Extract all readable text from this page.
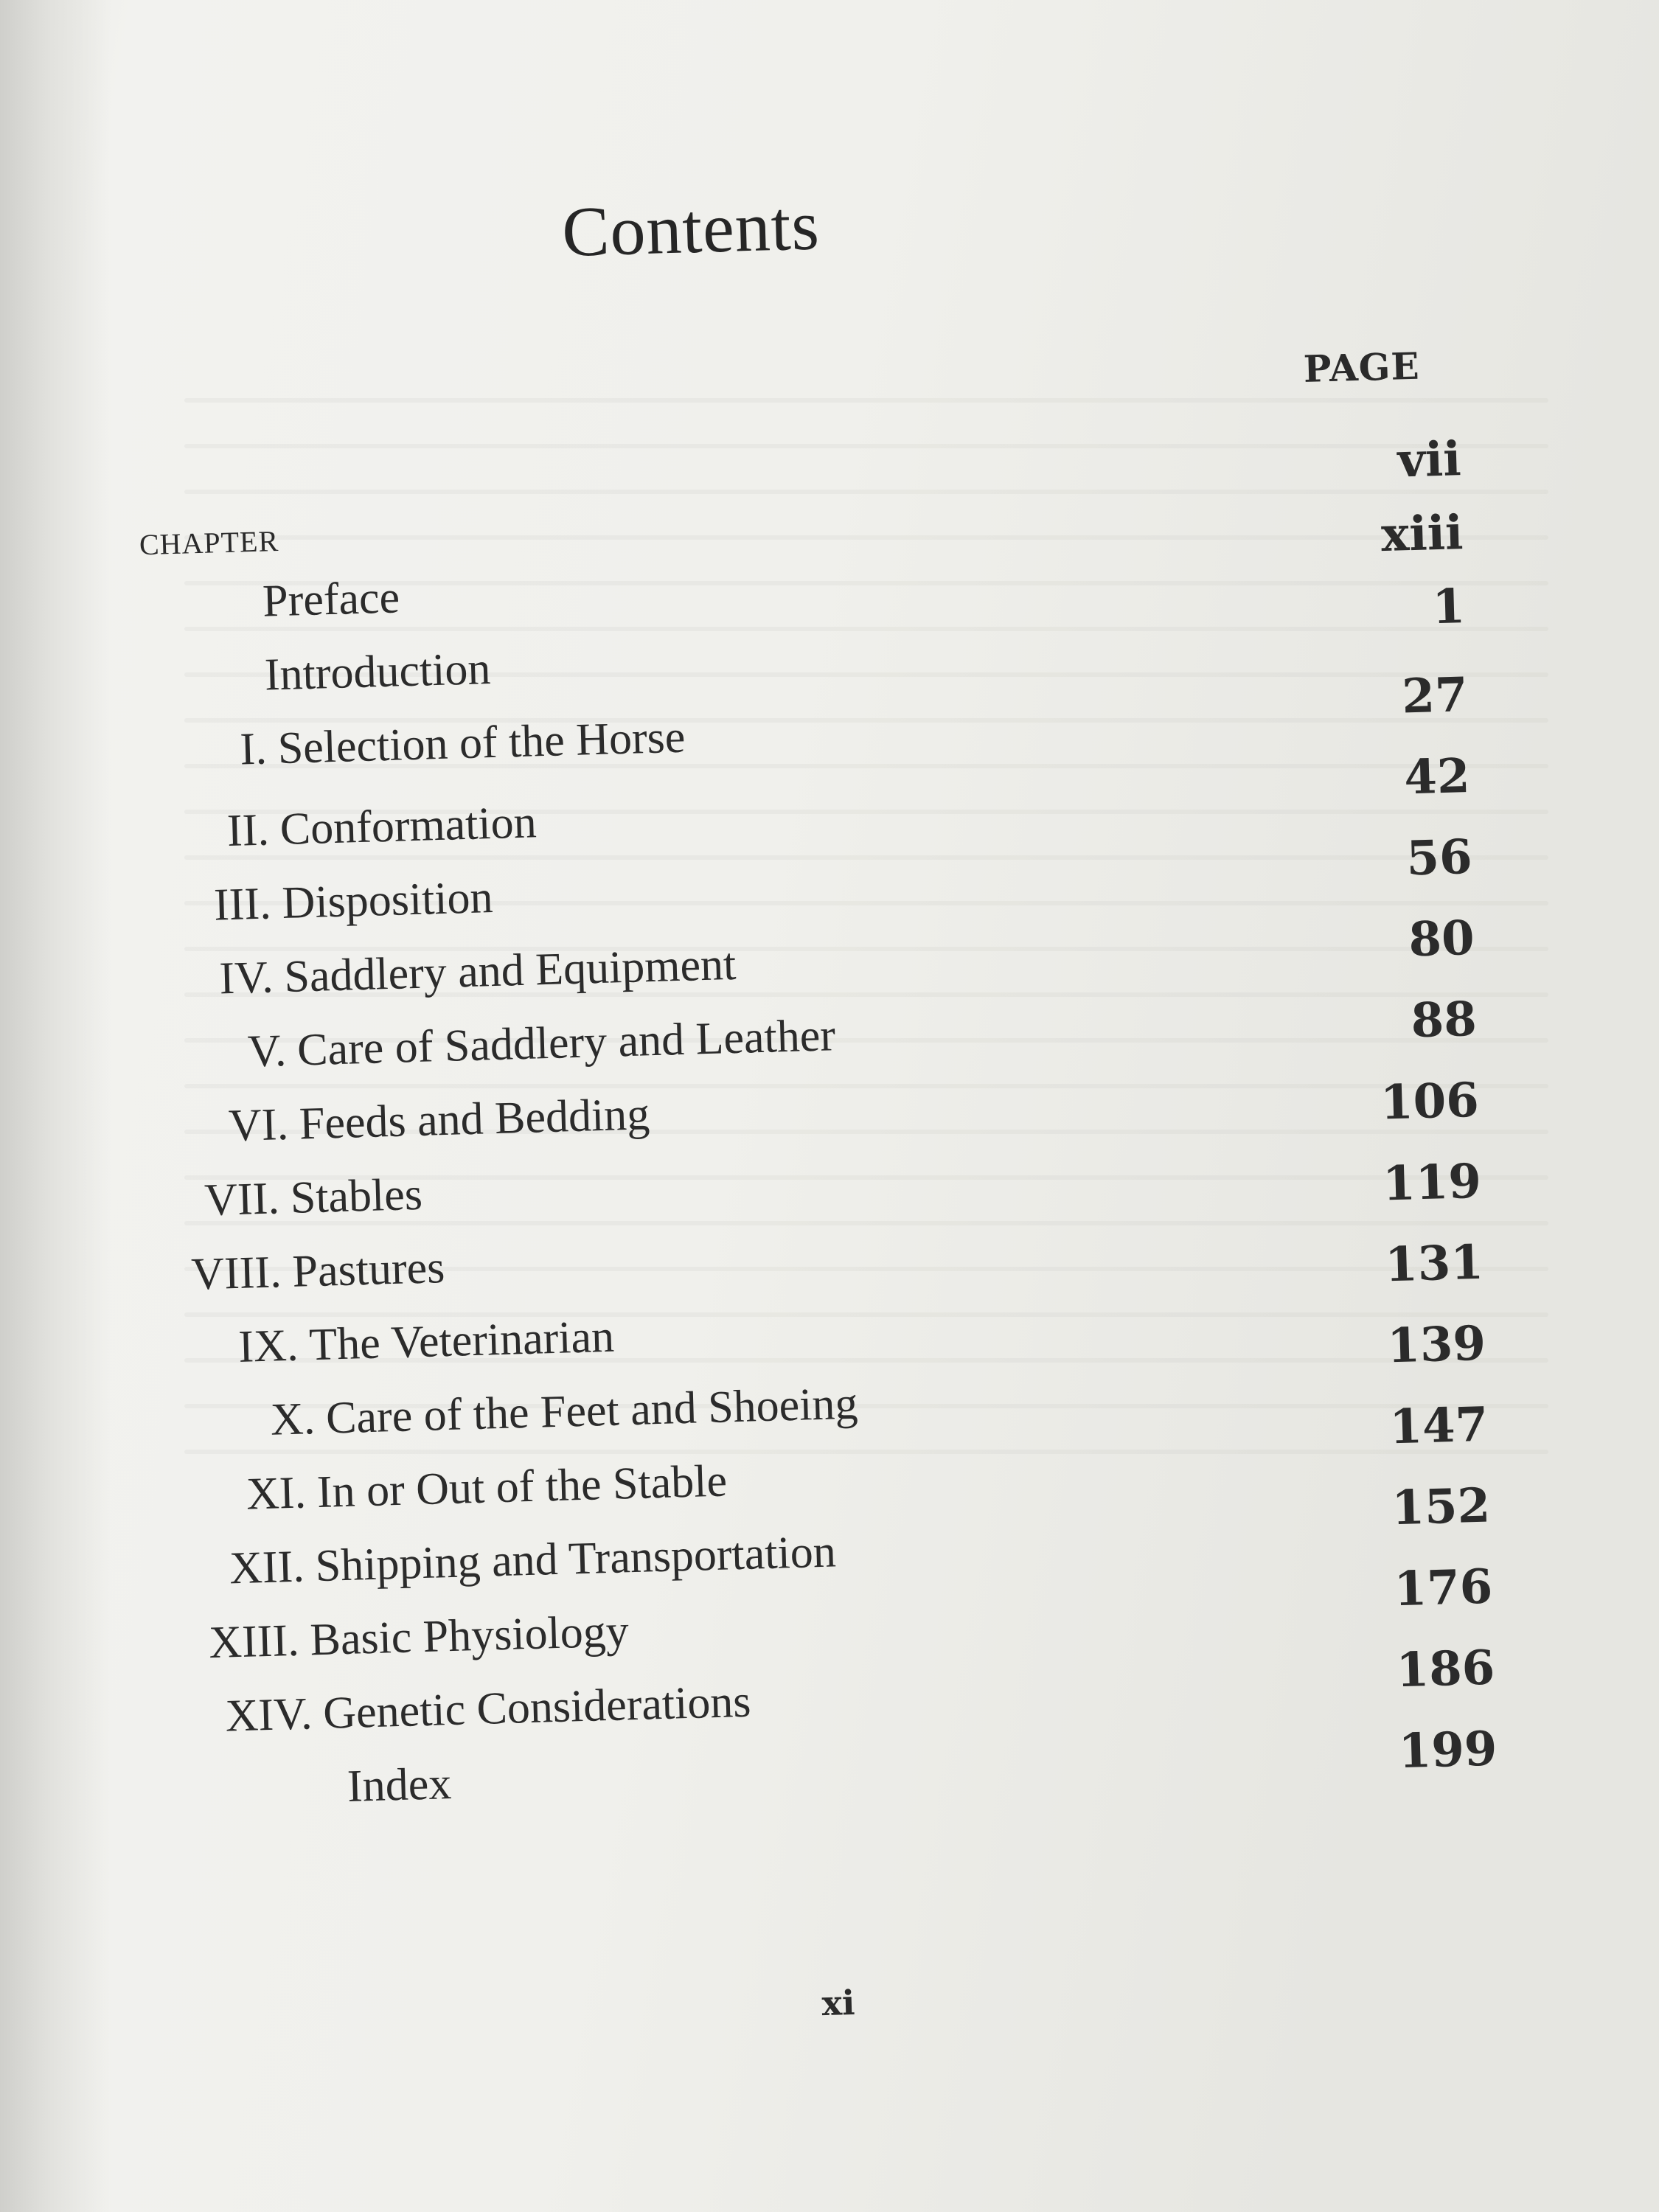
Contents
PAGE
CHAPTER
Preface
vii
Introduction
xiii
I. Selection of the Horse
1
II. Conformation
27
III. Disposition
42
IV. Saddlery and Equipment
56
V. Care of Saddlery and Leather
80
VI. Feeds and Bedding
88
VII. Stables
106
VIII. Pastures
119
IX. The Veterinarian
131
X. Care of the Feet and Shoeing
139
XI. In or Out of the Stable
147
XII. Shipping and Transportation
152
XIII. Basic Physiology
176
XIV. Genetic Considerations
186
Index
199
xi
